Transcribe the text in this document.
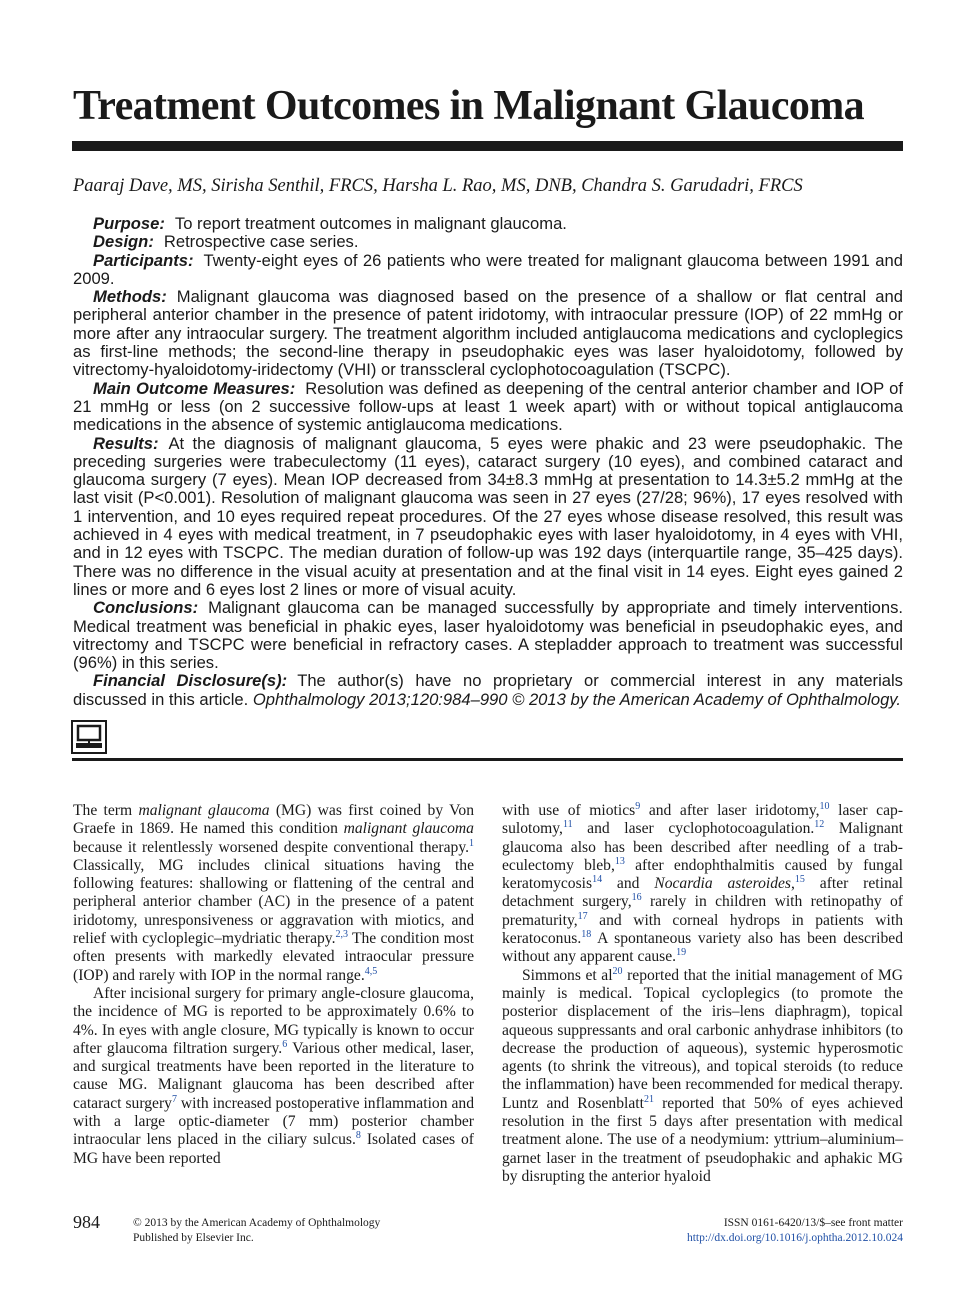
Treatment Outcomes in Malignant Glaucoma
Paaraj Dave, MS, Sirisha Senthil, FRCS, Harsha L. Rao, MS, DNB, Chandra S. Garudadri, FRCS

Purpose: To report treatment outcomes in malignant glaucoma.

Design: Retrospective case series.

Participants: Twenty-eight eyes of 26 patients who were treated for malignant glaucoma between 1991 and 2009.

Methods: Malignant glaucoma was diagnosed based on the presence of a shallow or flat central and peripheral anterior chamber in the presence of patent iridotomy, with intraocular pressure (IOP) of 22 mmHg or more after any intraocular surgery. The treatment algorithm included antiglaucoma medications and cycloplegics as first-line methods; the second-line therapy in pseudophakic eyes was laser hyaloidotomy, followed by vitrectomy-hyaloidotomy-iridectomy (VHI) or transscleral cyclophotocoagulation (TSCPC).

Main Outcome Measures: Resolution was defined as deepening of the central anterior chamber and IOP of 21 mmHg or less (on 2 successive follow-ups at least 1 week apart) with or without topical antiglaucoma medications in the absence of systemic antiglaucoma medications.

Results: At the diagnosis of malignant glaucoma, 5 eyes were phakic and 23 were pseudophakic. The preceding surgeries were trabeculectomy (11 eyes), cataract surgery (10 eyes), and combined cataract and glaucoma surgery (7 eyes). Mean IOP decreased from 34±8.3 mmHg at presentation to 14.3±5.2 mmHg at the last visit (P<0.001). Resolution of malignant glaucoma was seen in 27 eyes (27/28; 96%), 17 eyes resolved with 1 intervention, and 10 eyes required repeat procedures. Of the 27 eyes whose disease resolved, this result was achieved in 4 eyes with medical treatment, in 7 pseudophakic eyes with laser hyaloidotomy, in 4 eyes with VHI, and in 12 eyes with TSCPC. The median duration of follow-up was 192 days (interquartile range, 35–425 days). There was no difference in the visual acuity at presentation and at the final visit in 14 eyes. Eight eyes gained 2 lines or more and 6 eyes lost 2 lines or more of visual acuity.

Conclusions: Malignant glaucoma can be managed successfully by appropriate and timely interventions. Medical treatment was beneficial in phakic eyes, laser hyaloidotomy was beneficial in pseudophakic eyes, and vitrectomy and TSCPC were beneficial in refractory cases. A stepladder approach to treatment was successful (96%) in this series.

Financial Disclosure(s): The author(s) have no proprietary or commercial interest in any materials discussed in this article. Ophthalmology 2013;120:984–990 © 2013 by the American Academy of Ophthalmology.

The term malignant glaucoma (MG) was first coined by Von Graefe in 1869. He named this condition malignant glaucoma because it relentlessly worsened despite conventional therapy.$^1$ Classically, MG includes clinical situations having the following features: shallowing or flattening of the central and peripheral anterior chamber (AC) in the presence of a patent iridotomy, unresponsiveness or aggravation with miotics, and relief with cycloplegic–mydriatic therapy.$^{2,3}$ The condition most often presents with markedly elevated intraocular pressure (IOP) and rarely with IOP in the normal range.$^{4,5}$

After incisional surgery for primary angle-closure glaucoma, the incidence of MG is reported to be approximately 0.6% to 4%. In eyes with angle closure, MG typically is known to occur after glaucoma filtration surgery.$^6$ Various other medical, laser, and surgical treatments have been reported in the literature to cause MG. Malignant glaucoma has been described after cataract surgery$^7$ with increased postoperative inflammation and with a large optic-diameter (7 mm) posterior chamber intraocular lens placed in the ciliary sulcus.$^8$ Isolated cases of MG have been reported

with use of miotics$^9$ and after laser iridotomy,$^{10}$ laser capsulotomy,$^{11}$ and laser cyclophotocoagulation.$^{12}$ Malignant glaucoma also has been described after needling of a trabeculectomy bleb,$^{13}$ after endophthalmitis caused by fungal keratomycosis$^{14}$ and Nocardia asteroides,$^{15}$ after retinal detachment surgery,$^{16}$ rarely in children with retinopathy of prematurity,$^{17}$ and with corneal hydrops in patients with keratoconus.$^{18}$ A spontaneous variety also has been described without any apparent cause.$^{19}$

Simmons et $al^{20}$ reported that the initial management of MG mainly is medical. Topical cycloplegics (to promote the posterior displacement of the iris–lens diaphragm), topical aqueous suppressants and oral carbonic anhydrase inhibitors (to decrease the production of aqueous), systemic hyperosmotic agents (to shrink the vitreous), and topical steroids (to reduce the inflammation) have been recommended for medical therapy. Luntz and Rosenblatt$^{21}$ reported that 50% of eyes achieved resolution in the first 5 days after presentation with medical treatment alone. The use of a neodymium: yttrium–aluminium–garnet laser in the treatment of pseudophakic and aphakic MG by disrupting the anterior hyaloid

984	© 2013 by the American Academy of Ophthalmology
Published by Elsevier Inc.
ISSN 0161-6420/13/$–see front matter
http://dx.doi.org/10.1016/j.ophtha.2012.10.024
